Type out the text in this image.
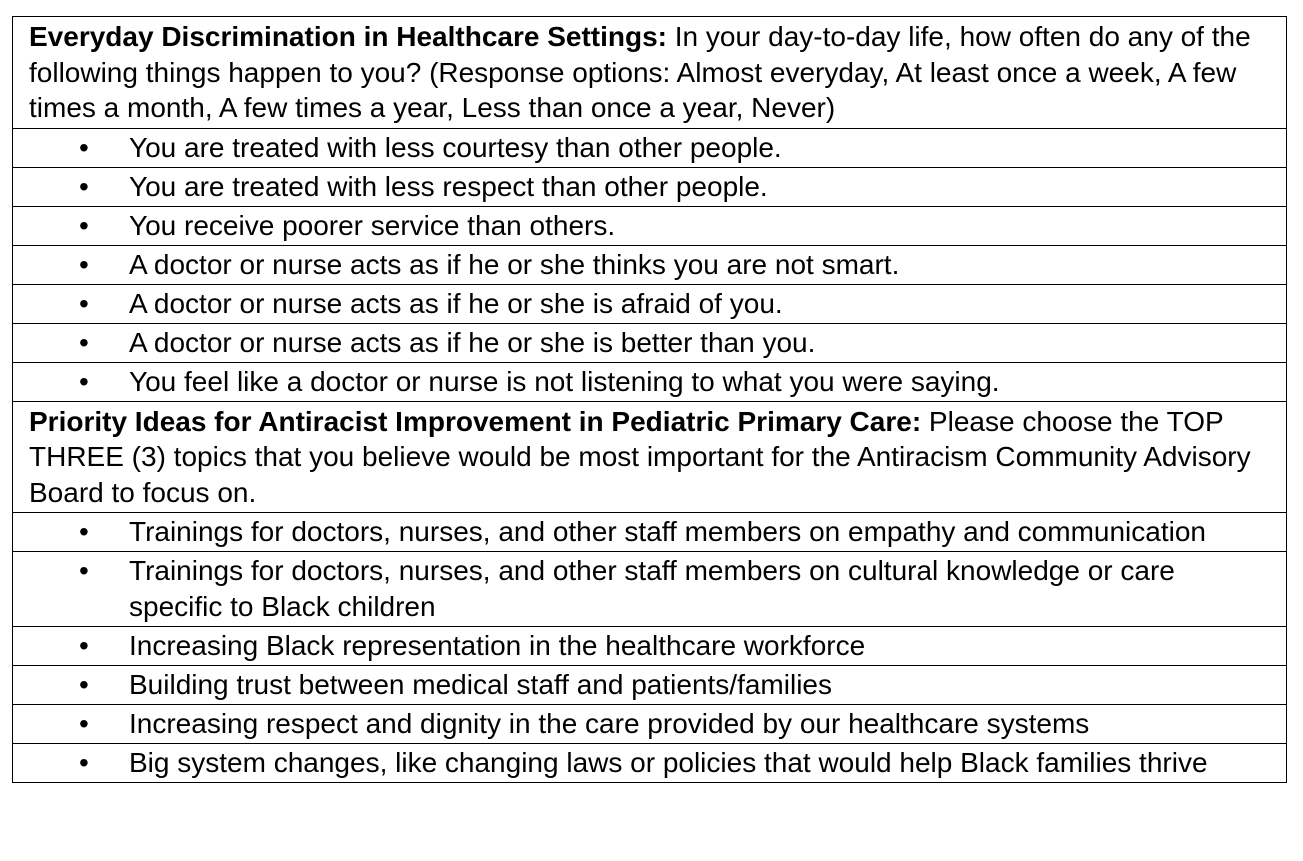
Everyday Discrimination in Healthcare Settings: In your day-to-day life, how often do any of the following things happen to you? (Response options: Almost everyday, At least once a week, A few times a month, A few times a year, Less than once a year, Never)

•	You are treated with less courtesy than other people.

•	You are treated with less respect than other people.

•	You receive poorer service than others.

•	A doctor or nurse acts as if he or she thinks you are not smart.

•	A doctor or nurse acts as if he or she is afraid of you.

•	A doctor or nurse acts as if he or she is better than you.

•	You feel like a doctor or nurse is not listening to what you were saying.

Priority Ideas for Antiracist Improvement in Pediatric Primary Care: Please choose the TOP THREE (3) topics that you believe would be most important for the Antiracism Community Advisory Board to focus on.

•	Trainings for doctors, nurses, and other staff members on empathy and communication

•	Trainings for doctors, nurses, and other staff members on cultural knowledge or care specific to Black children

•	Increasing Black representation in the healthcare workforce

•	Building trust between medical staff and patients/families

•	Increasing respect and dignity in the care provided by our healthcare systems

•	Big system changes, like changing laws or policies that would help Black families thrive
